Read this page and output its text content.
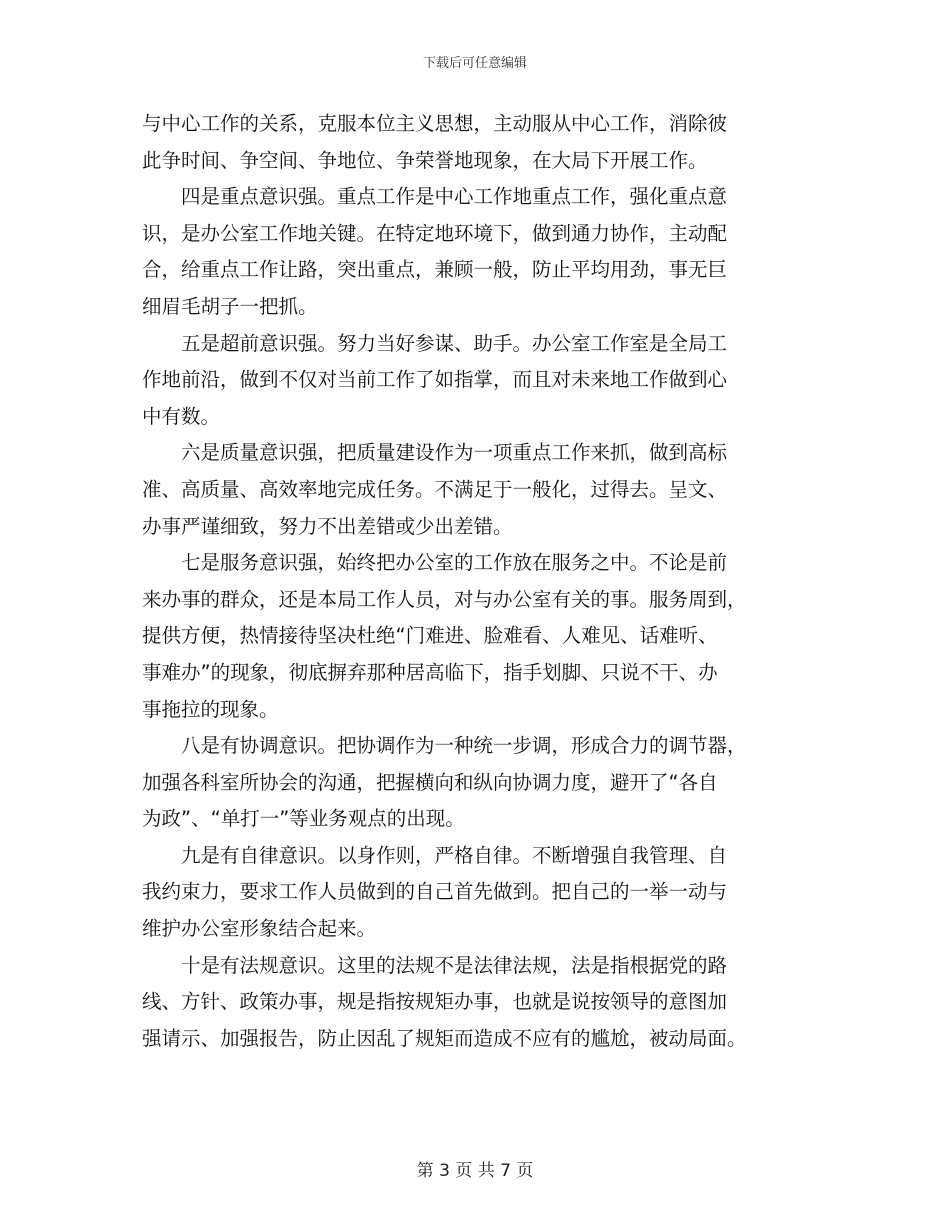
下载后可任意编辑
与中心工作的关系，克服本位主义思想，主动服从中心工作，消除彼
此争时间、争空间、争地位、争荣誉地现象，在大局下开展工作。
　　四是重点意识强。重点工作是中心工作地重点工作，强化重点意
识，是办公室工作地关键。在特定地环境下，做到通力协作，主动配
合，给重点工作让路，突出重点，兼顾一般，防止平均用劲，事无巨
细眉毛胡子一把抓。
　　五是超前意识强。努力当好参谋、助手。办公室工作室是全局工
作地前沿，做到不仅对当前工作了如指掌，而且对未来地工作做到心
中有数。
　　六是质量意识强，把质量建设作为一项重点工作来抓，做到高标
准、高质量、高效率地完成任务。不满足于一般化，过得去。呈文、
办事严谨细致，努力不出差错或少出差错。
　　七是服务意识强，始终把办公室的工作放在服务之中。不论是前
来办事的群众，还是本局工作人员，对与办公室有关的事。服务周到，
提供方便，热情接待坚决杜绝“门难进、脸难看、人难见、话难听、
事难办”的现象，彻底摒弃那种居高临下，指手划脚、只说不干、办
事拖拉的现象。
　　八是有协调意识。把协调作为一种统一步调，形成合力的调节器，
加强各科室所协会的沟通，把握横向和纵向协调力度，避开了“各自
为政”、“单打一”等业务观点的出现。
　　九是有自律意识。以身作则，严格自律。不断增强自我管理、自
我约束力，要求工作人员做到的自己首先做到。把自己的一举一动与
维护办公室形象结合起来。
　　十是有法规意识。这里的法规不是法律法规，法是指根据党的路
线、方针、政策办事，规是指按规矩办事，也就是说按领导的意图加
强请示、加强报告，防止因乱了规矩而造成不应有的尴尬，被动局面。
第 3 页 共 7 页
